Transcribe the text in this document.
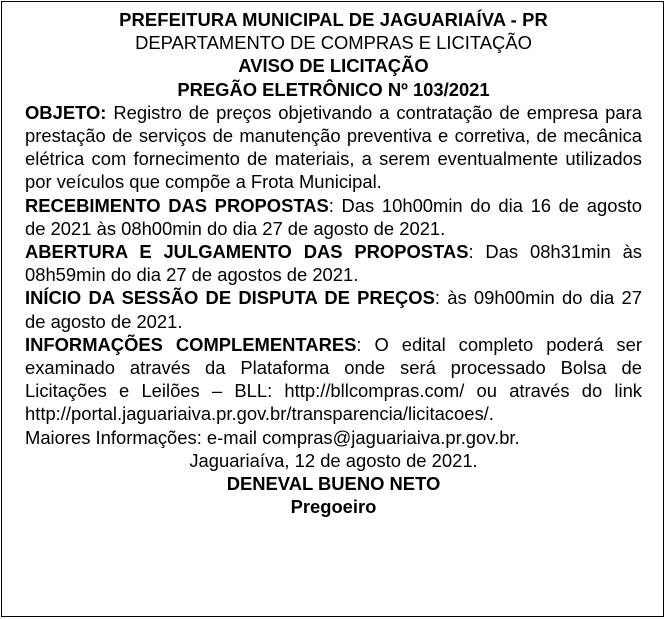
PREFEITURA MUNICIPAL DE JAGUARIAÍVA - PR

DEPARTAMENTO DE COMPRAS E LICITAÇÃO

AVISO DE LICITAÇÃO

PREGÃO ELETRÔNICO Nº 103/2021

OBJETO: Registro de preços objetivando a contratação de empresa para prestação de serviços de manutenção preventiva e corretiva, de mecânica elétrica com fornecimento de materiais, a serem eventualmente utilizados por veículos que compõe a Frota Municipal.

RECEBIMENTO DAS PROPOSTAS: Das 10h00min do dia 16 de agosto de 2021 às 08h00min do dia 27 de agosto de 2021.

ABERTURA E JULGAMENTO DAS PROPOSTAS: Das 08h31min às 08h59min do dia 27 de agostos de 2021.

INÍCIO DA SESSÃO DE DISPUTA DE PREÇOS: às 09h00min do dia 27 de agosto de 2021.

INFORMAÇÕES COMPLEMENTARES: O edital completo poderá ser examinado através da Plataforma onde será processado Bolsa de Licitações e Leilões – BLL: http://bllcompras.com/ ou através do link

http://portal.jaguariaiva.pr.gov.br/transparencia/licitacoes/.

Maiores Informações: e-mail compras@jaguariaiva.pr.gov.br.

Jaguariaíva, 12 de agosto de 2021.

DENEVAL BUENO NETO

Pregoeiro
